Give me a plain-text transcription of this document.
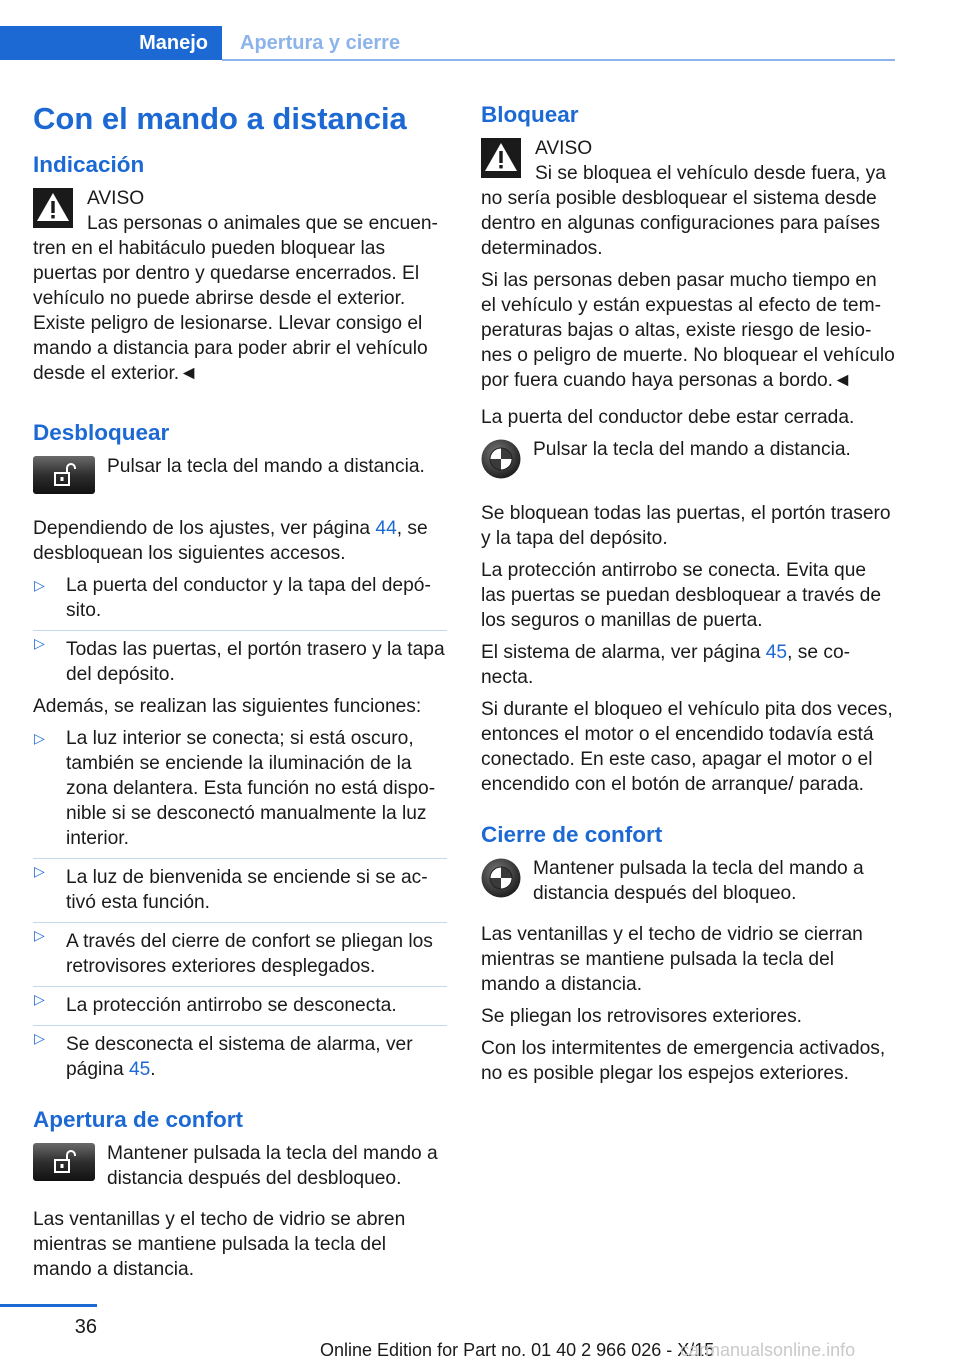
Manejo	Apertura y cierre
Con el mando a distancia
Indicación
AVISO
Las personas o animales que se encuentren en el habitáculo pueden bloquear las puertas por dentro y quedarse encerrados. El vehículo no puede abrirse desde el exterior. Existe peligro de lesionarse. Llevar consigo el mando a distancia para poder abrir el vehículo desde el exterior.◄
Desbloquear
Pulsar la tecla del mando a distancia.

Dependiendo de los ajustes, ver página 44, se desbloquean los siguientes accesos.

▷ La puerta del conductor y la tapa del depósito.
▷ Todas las puertas, el portón trasero y la tapa del depósito.

Además, se realizan las siguientes funciones:

▷ La luz interior se conecta; si está oscuro, también se enciende la iluminación de la zona delantera. Esta función no está disponible si se desconectó manualmente la luz interior.
▷ La luz de bienvenida se enciende si se activó esta función.
▷ A través del cierre de confort se pliegan los retrovisores exteriores desplegados.
▷ La protección antirrobo se desconecta.
▷ Se desconecta el sistema de alarma, ver página 45.
Apertura de confort
Mantener pulsada la tecla del mando a distancia después del desbloqueo.

Las ventanillas y el techo de vidrio se abren mientras se mantiene pulsada la tecla del mando a distancia.

Bloquear
AVISO
Si se bloquea el vehículo desde fuera, ya no sería posible desbloquear el sistema desde dentro en algunas configuraciones para países determinados.

Si las personas deben pasar mucho tiempo en el vehículo y están expuestas al efecto de temperaturas bajas o altas, existe riesgo de lesiones o peligro de muerte. No bloquear el vehículo por fuera cuando haya personas a bordo.◄

La puerta del conductor debe estar cerrada.

Pulsar la tecla del mando a distancia.

Se bloquean todas las puertas, el portón trasero y la tapa del depósito.

La protección antirrobo se conecta. Evita que las puertas se puedan desbloquear a través de los seguros o manillas de puerta.

El sistema de alarma, ver página 45, se conecta.

Si durante el bloqueo el vehículo pita dos veces, entonces el motor o el encendido todavía está conectado. En este caso, apagar el motor o el encendido con el botón de arranque/ parada.

Cierre de confort
Mantener pulsada la tecla del mando a distancia después del bloqueo.

Las ventanillas y el techo de vidrio se cierran mientras se mantiene pulsada la tecla del mando a distancia.

Se pliegan los retrovisores exteriores.

Con los intermitentes de emergencia activados, no es posible plegar los espejos exteriores.

36
Online Edition for Part no. 01 40 2 966 026 - X/15
carmanualsonline.info
